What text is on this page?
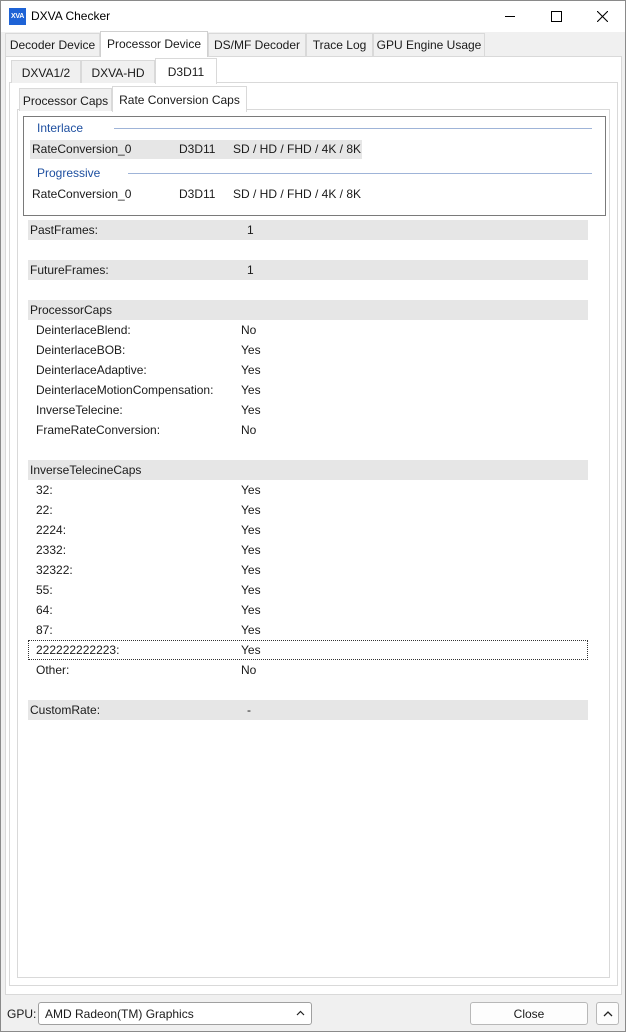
XVA DXVA Checker
Decoder Device Processor Device	DS/MF Decoder	Trace Log GPU Engine Usage
DXVA1/2	DXVA-HD	D3D11
Processor Caps Rate Conversion Caps
Interlace
RateConversion_0	D3D11 SD / HD / FHD / 4K / 8K
Progressive
RateConversion_0	D3D11 SD / HD / FHD / 4K / 8K
PastFrames:	1
FutureFrames:	1
ProcessorCaps
DeinterlaceBlend:	No
DeinterlaceBOB:	Yes
DeinterlaceAdaptive:	Yes
DeinterlaceMotionCompensation: Yes
InverseTelecine:	Yes
FrameRateConversion:	No
InverseTelecineCaps
32:	Yes
22:	Yes
2224:	Yes
2332:	Yes
32322:	Yes
55:	Yes
64:	Yes
87:	Yes
222222222223:	Yes
Other:	No
CustomRate:	-
GPU: AMD Radeon(TM) Graphics	Close
